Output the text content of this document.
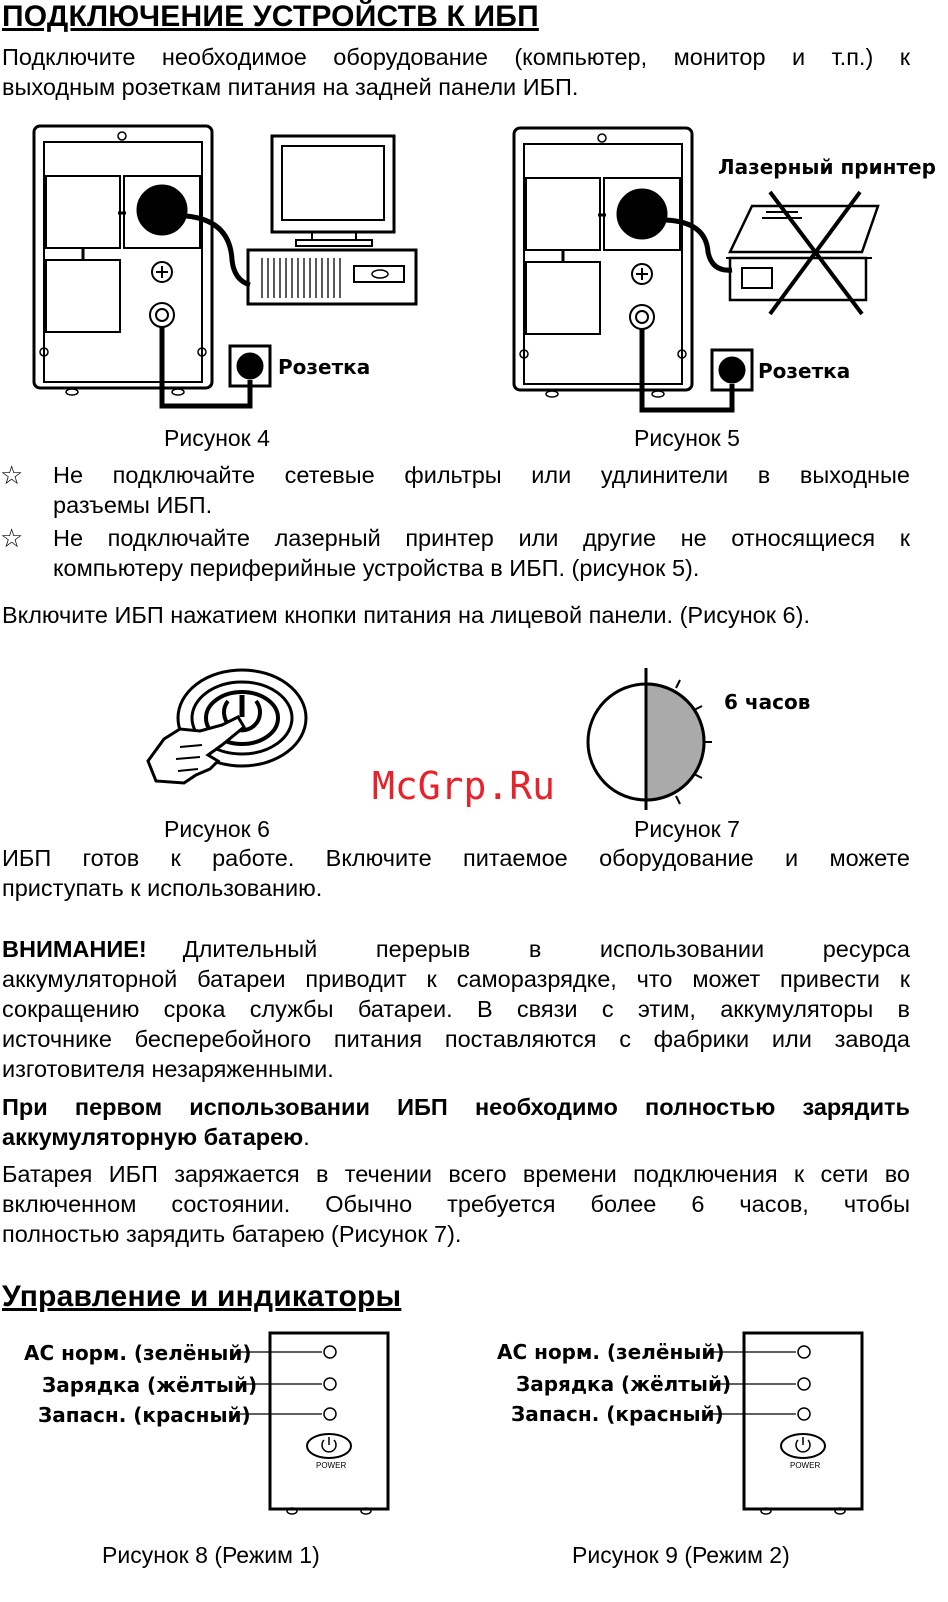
ПОДКЛЮЧЕНИЕ УСТРОЙСТВ К ИБП
Подключите необходимое оборудование (компьютер, монитор и т.п.) к
выходным розеткам питания на задней панели ИБП.
Розетка
Рисунок 4
Лазерный принтер
Розетка
Рисунок 5
☆ Не подключайте сетевые фильтры или удлинители в выходные
разъемы ИБП.
☆ Не подключайте лазерный принтер или другие не относящиеся к
компьютеру периферийные устройства в ИБП. (рисунок 5).
Включите ИБП нажатием кнопки питания на лицевой панели. (Рисунок 6).
Рисунок 6
6 часов
Рисунок 7
McGrp.Ru
ИБП готов к работе. Включите питаемое оборудование и можете
приступать к использованию.
ВНИМАНИЕ! Длительный перерыв в использовании ресурса
аккумуляторной батареи приводит к саморазрядке, что может привести к
сокращению срока службы батареи. В связи с этим, аккумуляторы в
источнике бесперебойного питания поставляются с фабрики или завода
изготовителя незаряженными.
При первом использовании ИБП необходимо полностью зарядить
аккумуляторную батарею.
Батарея ИБП заряжается в течении всего времени подключения к сети во
включенном состоянии. Обычно требуется более 6 часов, чтобы
полностью зарядить батарею (Рисунок 7).
Управление и индикаторы
АС норм. (зелёный)
Зарядка (жёлтый)
Запасн. (красный)
POWER
Рисунок 8 (Режим 1)
АС норм. (зелёный)
Зарядка (жёлтый)
Запасн. (красный)
POWER
Рисунок 9 (Режим 2)
